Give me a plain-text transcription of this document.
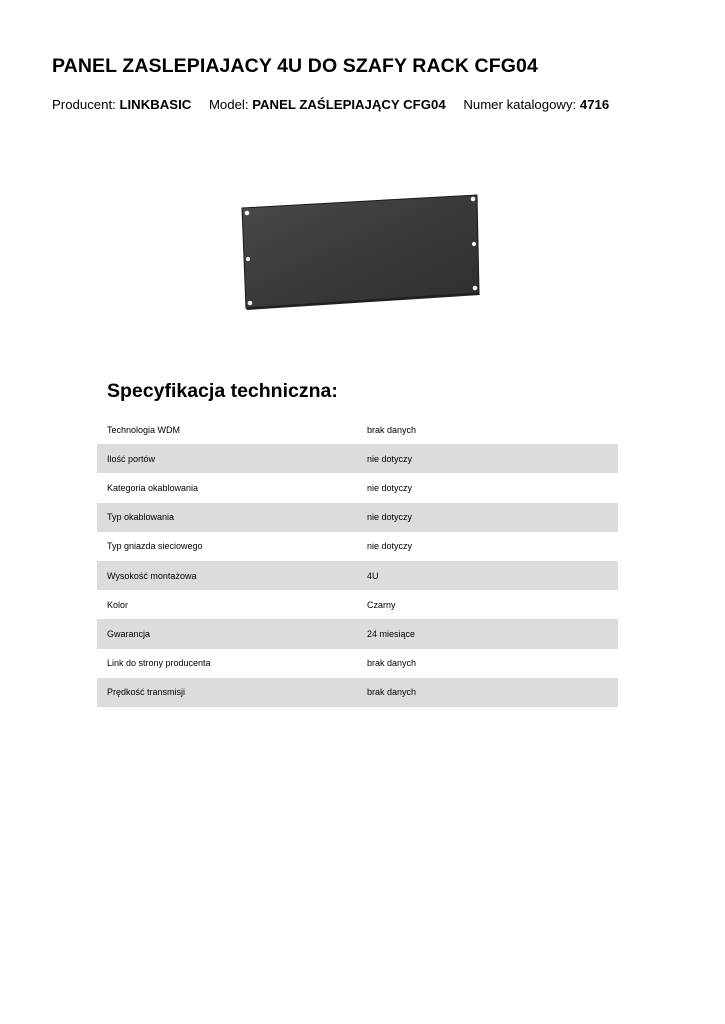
PANEL ZASLEPIAJACY 4U DO SZAFY RACK CFG04
Producent: LINKBASIC Model: PANEL ZAŚLEPIAJĄCY CFG04 Numer katalogowy: 4716
Specyfikacja techniczna:
Technologia WDM	brak danych
Ilość portów	nie dotyczy
Kategoria okablowania	nie dotyczy
Typ okablowania	nie dotyczy
Typ gniazda sieciowego	nie dotyczy
Wysokość montażowa	4U
Kolor	Czarny
Gwarancja	24 miesiące
Link do strony producenta	brak danych
Prędkość transmisji	brak danych
